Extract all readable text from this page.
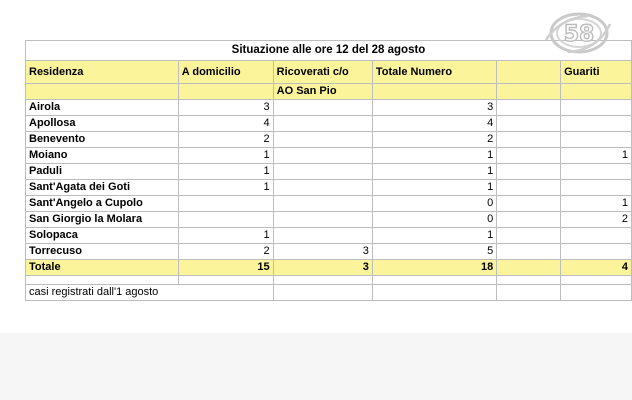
Situazione alle ore 12 del 28 agosto					
Residenza	A domicilio	Ricoverati c/o	Totale Numero		Guariti
		AO San Pio			
Airola	3		3		
Apollosa	4		4		
Benevento	2		2		
Moiano	1		1		1
Paduli	1		1		
Sant'Agata dei Goti	1		1		
Sant'Angelo a Cupolo			0		1
San Giorgio la Molara			0		2
Solopaca	1		1		
Torrecuso	2	3	5		
Totale	15	3	18		4

casi registrati dall'1 agosto					
58
